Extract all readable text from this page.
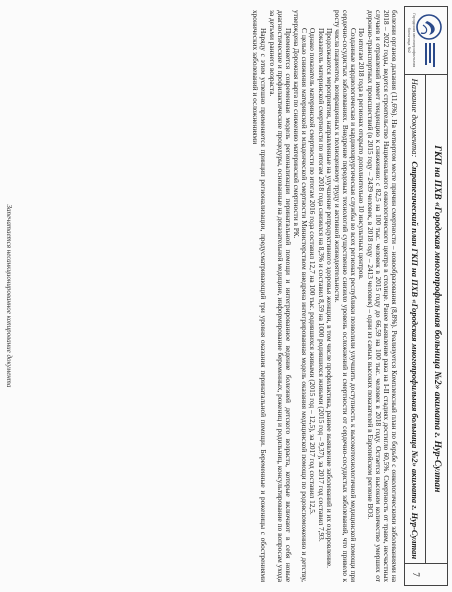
Городская многопрофильная больница №2
ГКП на ПХВ «Городская многопрофильная больница №2» акимата г. Нур-Султан
Название документа:
Стратегический план ГКП на ПХВ «Городская многопрофильная больница №2» акимата г. Нур-Султан
7

болезни органов дыхания (11,6%). На четвертом месте причин смертности – новообразования (8,8%). Реализуется Комплексный план по борьбе с онкологическими заболеваниями на 2018 – 2022 годы, ведется строительство Национального онкологического центра в столице. Ранее выявление рака на I-II стадиях достигло 60,5%. Смертность от травм, несчастных случаев и отравлений имеет тенденцию к снижению: с 82,5 на 100 тыс. человек в 2015 году до 66,59 на 100 тыс. человек в 2018 году. Остается высоким количество умерших от дорожно-транспортных происшествий (в 2015 году – 2439 человек, в 2018 году – 2413 человек) – одни из самых высоких показателей в Европейском регионе ВОЗ.

По итогам 2018 года в регионах открыто дополнительно 10 инсультных центров.

Созданные кардиологическая и кардиохирургическая службы во всех регионах республики позволили улучшить доступность к высокотехнологичной медицинской помощи при сердечно-сосудистых заболеваниях. Внедрение передовых технологий существенно снизило уровень осложнений и смертности от сердечно-сосудистых заболеваний, что привело к росту числа пациентов, возвращенных к полноценному труду и активной жизнедеятельности.

Продолжаются мероприятия, направленные на улучшение репродуктивного здоровья женщин, в том числе профилактика, раннее выявление заболеваний и их оздоровление.

Показатель материнской смертности по итогам 2018 года снизился на 8,3% и составил 8,59 на 1000 родившихся живыми (2015 год – 9,37), за 2017 год составил 7,93.

Однако показатель материнской смертности по итогам 2016 года составил 12,7 на 100 тыс. родившихся живыми (2015 год – 12,5), за 2017 год составил 12,5.

С целью снижения материнской и младенческой смертности Министерством внедрена интегрированная модель оказания медицинской помощи по родовспоможению и детству, утверждена Дорожная карта по снижению материнской смертности в РК.

Применяется современная модель регионализации перинатальной помощи и интегрированное ведение болезней детского возраста, которые включают в себя новые диагностические и профилактические процедуры, основанные на доказательной медицине, информирование беременных, рожениц и родильниц, консультирование по вопросам ухода за детьми раннего возраста.

Наряду с этим успешно применяется принцип регионализации, предусматривающий три уровня оказания перинатальной помощи. Беременные и роженицы с обострениями хронических заболеваний и осложнениями

Запечатается несанкционированное копирование документа
